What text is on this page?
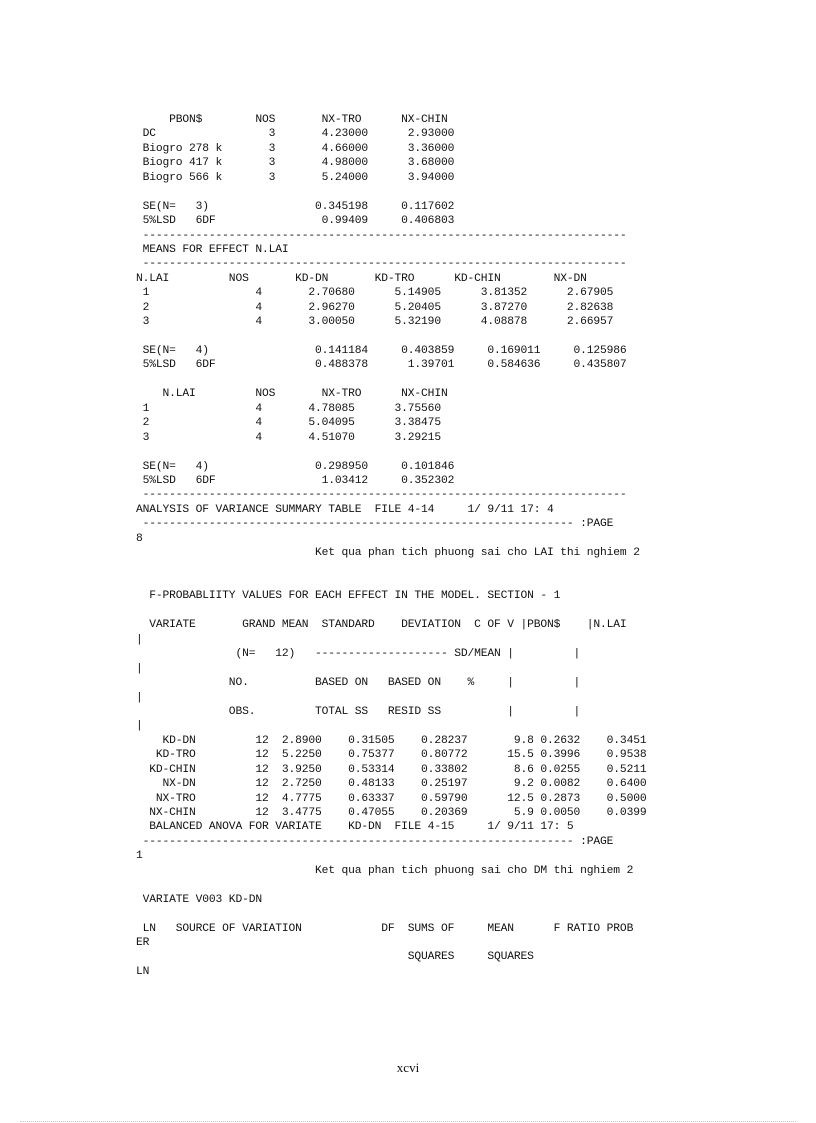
PBON$        NOS       NX-TRO      NX-CHIN
DC                 3       4.23000      2.93000
Biogro 278 k       3       4.66000      3.36000
Biogro 417 k       3       4.98000      3.68000
Biogro 566 k       3       5.24000      3.94000
SE(N=   3)                0.345198     0.117602
5%LSD   6DF                0.99409     0.406803
-------------------------------------------------------------------------
MEANS FOR EFFECT N.LAI
-------------------------------------------------------------------------
N.LAI         NOS       KD-DN       KD-TRO      KD-CHIN        NX-DN
1                4       2.70680      5.14905      3.81352      2.67905
2                4       2.96270      5.20405      3.87270      2.82638
3                4       3.00050      5.32190      4.08878      2.66957
SE(N=   4)                0.141184     0.403859     0.169011     0.125986
5%LSD   6DF               0.488378      1.39701     0.584636     0.435807
N.LAI         NOS       NX-TRO      NX-CHIN
1                4       4.78085      3.75560
2                4       5.04095      3.38475
3                4       4.51070      3.29215
SE(N=   4)                0.298950     0.101846
5%LSD   6DF                1.03412     0.352302
-------------------------------------------------------------------------
ANALYSIS OF VARIANCE SUMMARY TABLE  FILE 4-14     1/ 9/11 17: 4
----------------------------------------------------------------- :PAGE
8
Ket qua phan tich phuong sai cho LAI thi nghiem 2
F-PROBABLIITY VALUES FOR EACH EFFECT IN THE MODEL. SECTION - 1
VARIATE       GRAND MEAN  STANDARD    DEVIATION  C OF V |PBON$    |N.LAI
|
(N=   12)   -------------------- SD/MEAN |         |
|
NO.          BASED ON   BASED ON    %     |         |
|
OBS.         TOTAL SS   RESID SS          |         |
|
KD-DN         12  2.8900    0.31505    0.28237       9.8 0.2632    0.3451
KD-TRO         12  5.2250    0.75377    0.80772      15.5 0.3996    0.9538
KD-CHIN         12  3.9250    0.53314    0.33802       8.6 0.0255    0.5211
NX-DN         12  2.7250    0.48133    0.25197       9.2 0.0082    0.6400
NX-TRO         12  4.7775    0.63337    0.59790      12.5 0.2873    0.5000
NX-CHIN         12  3.4775    0.47055    0.20369       5.9 0.0050    0.0399
BALANCED ANOVA FOR VARIATE    KD-DN  FILE 4-15     1/ 9/11 17: 5
----------------------------------------------------------------- :PAGE
1
Ket qua phan tich phuong sai cho DM thi nghiem 2
VARIATE V003 KD-DN
LN   SOURCE OF VARIATION            DF  SUMS OF     MEAN      F RATIO PROB
ER
SQUARES     SQUARES
LN
xcvi
